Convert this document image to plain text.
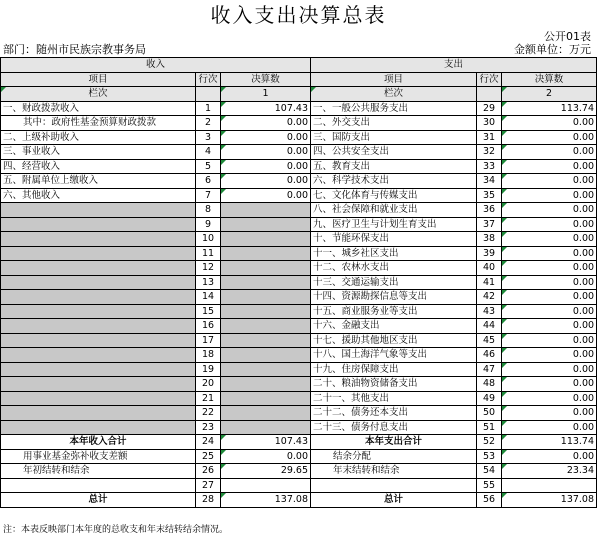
收入支出决算总表
公开01表
部门：随州市民族宗教事务局	金额单位：万元
收入			支出		
项目	行次	决算数	项目	行次	决算数

栏次		1	栏次		2
一、财政拨款收入	1	107.43	一、一般公共服务支出	29	113.74
其中：政府性基金预算财政拨款	2	0.00	二、外交支出	30	0.00
二、上级补助收入	3	0.00	三、国防支出	31	0.00
三、事业收入	4	0.00	四、公共安全支出	32	0.00
四、经营收入	5	0.00	五、教育支出	33	0.00
五、附属单位上缴收入	6	0.00	六、科学技术支出	34	0.00
六、其他收入	7	0.00	七、文化体育与传媒支出	35	0.00
	8		八、社会保障和就业支出	36	0.00
	9		九、医疗卫生与计划生育支出	37	0.00
	10		十、节能环保支出	38	0.00
	11		十一、城乡社区支出	39	0.00
	12		十二、农林水支出	40	0.00
	13		十三、交通运输支出	41	0.00
	14		十四、资源勘探信息等支出	42	0.00
	15		十五、商业服务业等支出	43	0.00
	16		十六、金融支出	44	0.00
	17		十七、援助其他地区支出	45	0.00
	18		十八、国土海洋气象等支出	46	0.00
	19		十九、住房保障支出	47	0.00
	20		二十、粮油物资储备支出	48	0.00
	21		二十一、其他支出	49	0.00
	22		二十二、债务还本支出	50	0.00
	23		二十三、债务付息支出	51	0.00
本年收入合计	24	107.43	本年支出合计	52	113.74
用事业基金弥补收支差额	25	0.00	结余分配	53	0.00
年初结转和结余	26	29.65	年末结转和结余	54	23.34
	27			55	
总计	28	137.08	总计	56	137.08
注：本表反映部门本年度的总收支和年末结转结余情况。
